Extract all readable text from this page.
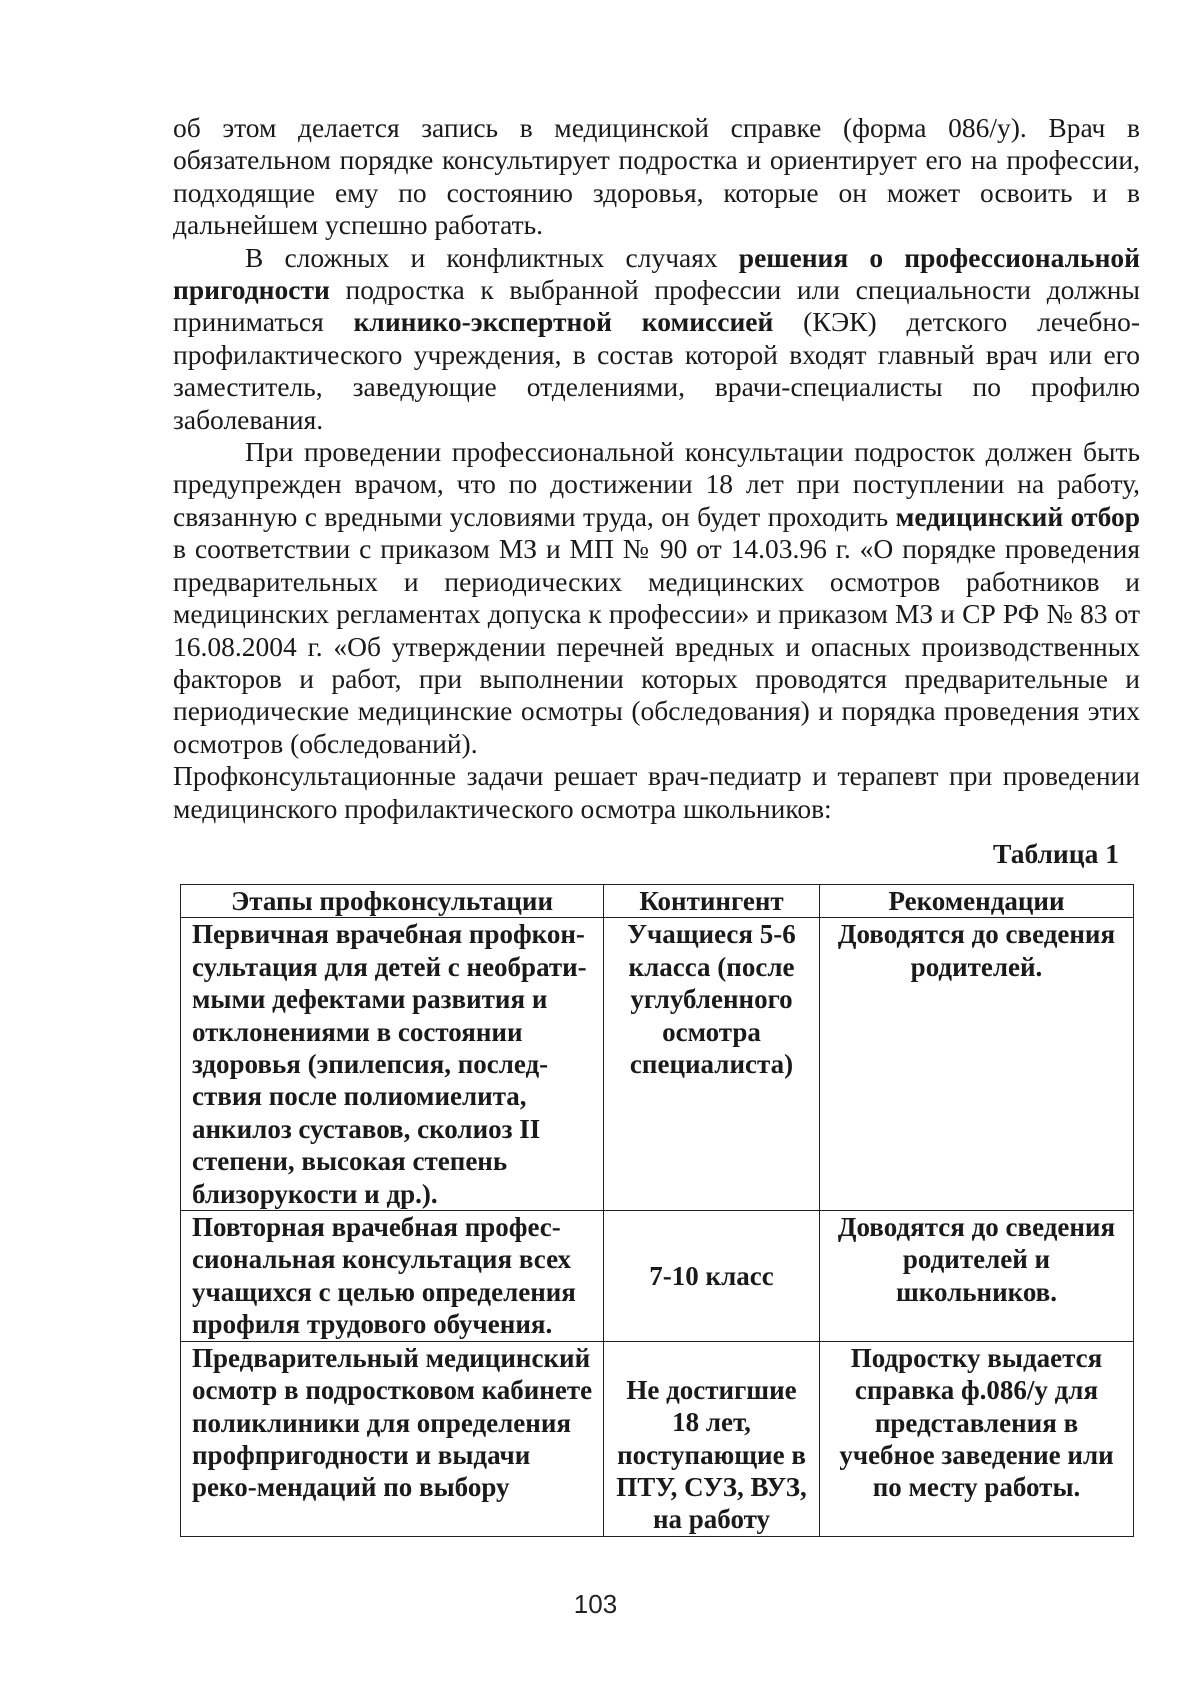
об этом делается запись в медицинской справке (форма 086/у). Врач в обязательном порядке консультирует подростка и ориентирует его на профессии, подходящие ему по состоянию здоровья, которые он может освоить и в дальнейшем успешно работать.

В сложных и конфликтных случаях решения о профессиональной пригодности подростка к выбранной профессии или специальности должны приниматься клинико-экспертной комиссией (КЭК) детского лечебно-профилактического учреждения, в состав которой входят главный врач или его заместитель, заведующие отделениями, врачи-специалисты по профилю заболевания.

При проведении профессиональной консультации подросток должен быть предупрежден врачом, что по достижении 18 лет при поступлении на работу, связанную с вредными условиями труда, он будет проходить медицинский отбор в соответствии с приказом МЗ и МП № 90 от 14.03.96 г. «О порядке проведения предварительных и периодических медицинских осмотров работников и медицинских регламентах допуска к профессии» и приказом МЗ и СР РФ № 83 от 16.08.2004 г. «Об утверждении перечней вредных и опасных производственных факторов и работ, при выполнении которых проводятся предварительные и периодические медицинские осмотры (обследования) и порядка проведения этих осмотров (обследований).

Профконсультационные задачи решает врач-педиатр и терапевт при проведении медицинского профилактического осмотра школьников:

Таблица 1
Этапы профконсультации	Контингент	Рекомендации
Первичная врачебная профкон-сультация для детей с необрати-мыми дефектами развития и отклонениями в состоянии здоровья (эпилепсия, послед-ствия после полиомиелита, анкилоз суставов, сколиоз II степени, высокая степень близорукости и др.).	Учащиеся 5-6 класса (после углубленного осмотра специалиста)	Доводятся до сведения родителей.
Повторная врачебная профес-сиональная консультация всех учащихся с целью определения профиля трудового обучения.	7-10 класс	Доводятся до сведения родителей и школьников.

Предварительный медицинский осмотр в подростковом кабинете поликлиники для определения профпригодности и выдачи реко-мендаций по выбору	Не достигшие 18 лет, поступающие в ПТУ, СУЗ, ВУЗ, на работу	Подростку выдается справка ф.086/у для представления в учебное заведение или по месту работы.
103
